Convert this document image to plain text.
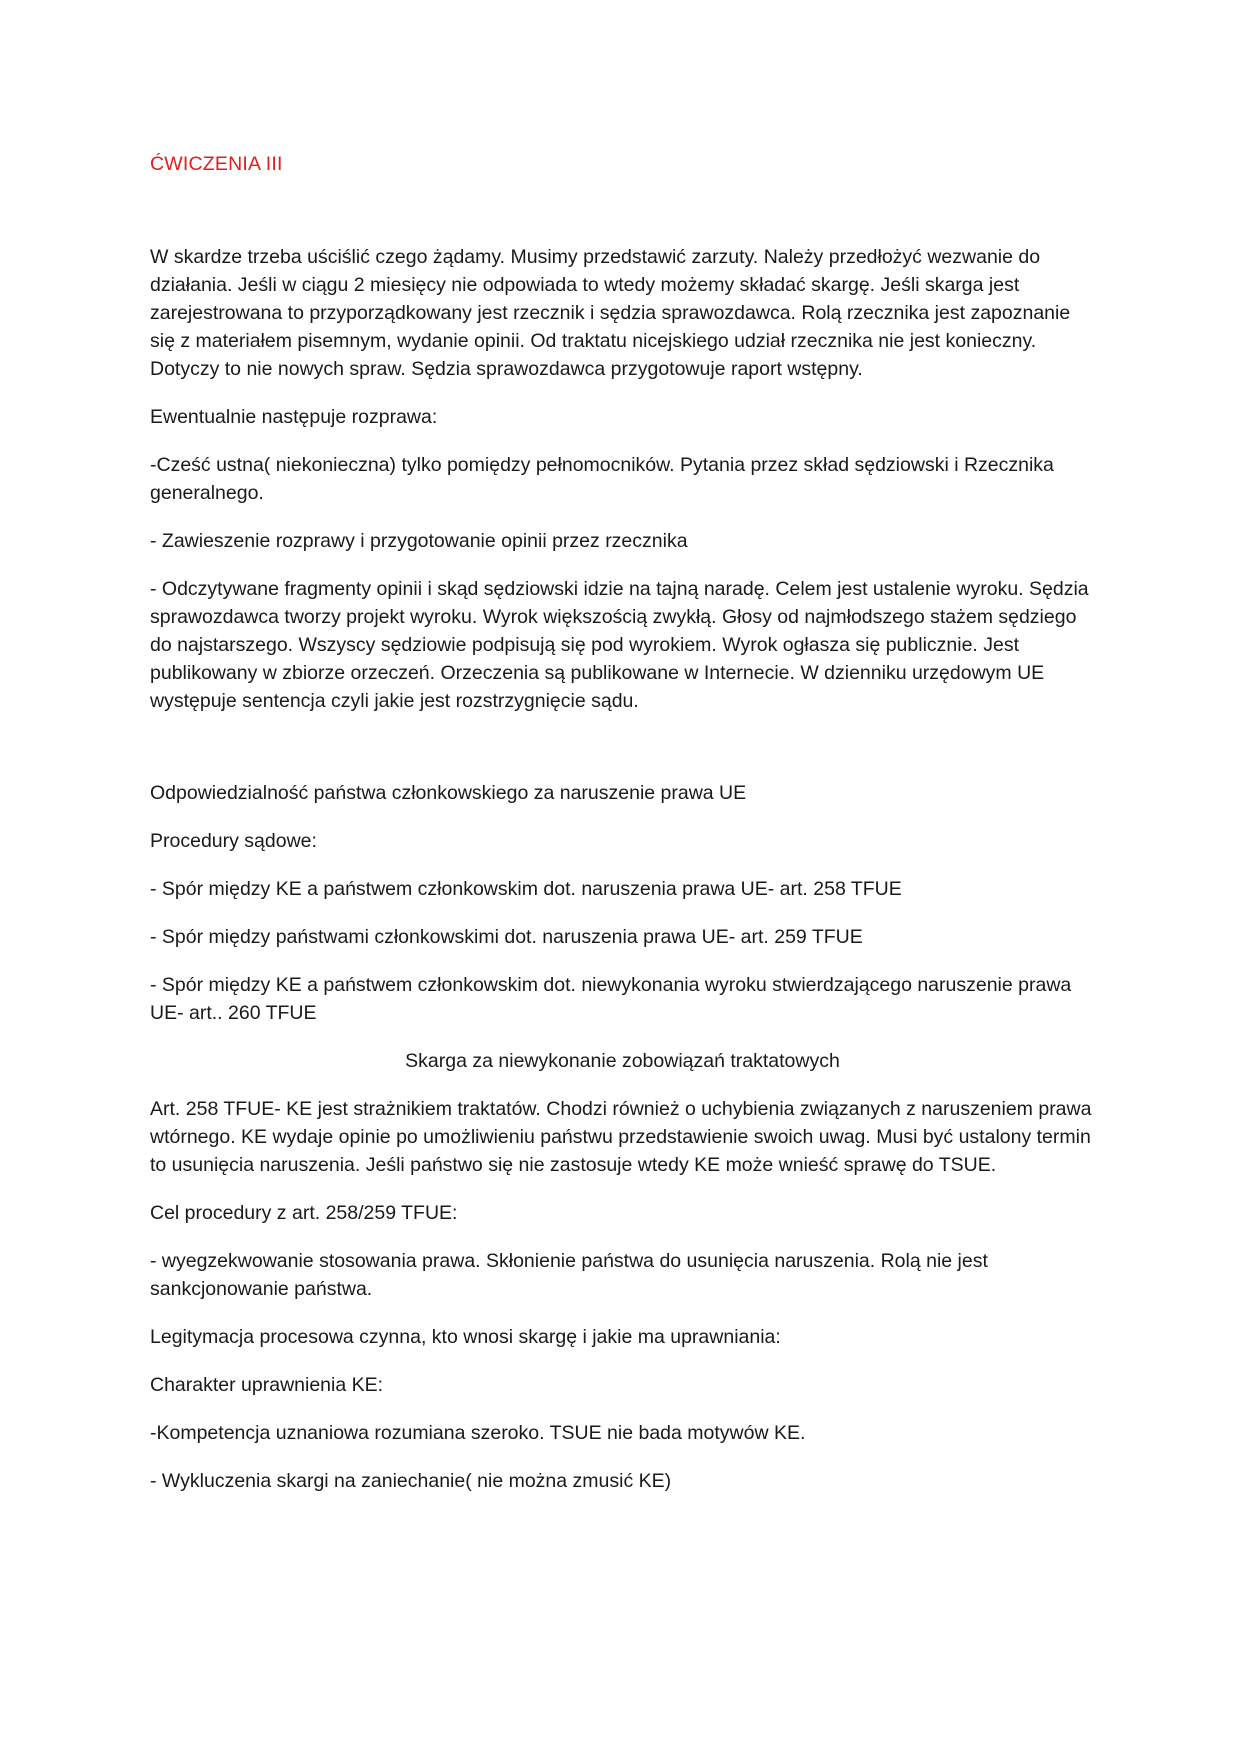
ĆWICZENIA III

W skardze trzeba uściślić czego żądamy. Musimy przedstawić zarzuty. Należy przedłożyć wezwanie do działania. Jeśli w ciągu 2 miesięcy nie odpowiada to wtedy możemy składać skargę. Jeśli skarga jest zarejestrowana to przyporządkowany jest rzecznik i sędzia sprawozdawca. Rolą rzecznika jest zapoznanie się z materiałem pisemnym, wydanie opinii. Od traktatu nicejskiego udział rzecznika nie jest konieczny. Dotyczy to nie nowych spraw. Sędzia sprawozdawca przygotowuje raport wstępny.

Ewentualnie następuje rozprawa:

-Cześć ustna( niekonieczna) tylko pomiędzy pełnomocników. Pytania przez skład sędziowski i Rzecznika generalnego.

- Zawieszenie rozprawy i przygotowanie opinii przez rzecznika

- Odczytywane fragmenty opinii i skąd sędziowski idzie na tajną naradę. Celem jest ustalenie wyroku. Sędzia sprawozdawca tworzy projekt wyroku. Wyrok większością zwykłą. Głosy od najmłodszego stażem sędziego do najstarszego. Wszyscy sędziowie podpisują się pod wyrokiem. Wyrok ogłasza się publicznie. Jest publikowany w zbiorze orzeczeń. Orzeczenia są publikowane w Internecie. W dzienniku urzędowym UE występuje sentencja czyli jakie jest rozstrzygnięcie sądu.

Odpowiedzialność państwa członkowskiego za naruszenie prawa UE

Procedury sądowe:

- Spór między KE a państwem członkowskim dot. naruszenia prawa UE- art. 258 TFUE

- Spór między państwami członkowskimi dot. naruszenia prawa UE- art. 259 TFUE

- Spór między KE a państwem członkowskim dot. niewykonania wyroku stwierdzającego naruszenie prawa UE- art.. 260 TFUE

Skarga za niewykonanie zobowiązań traktatowych

Art. 258 TFUE- KE jest strażnikiem traktatów. Chodzi również o uchybienia związanych z naruszeniem prawa wtórnego. KE wydaje opinie po umożliwieniu państwu przedstawienie swoich uwag. Musi być ustalony termin to usunięcia naruszenia. Jeśli państwo się nie zastosuje wtedy KE może wnieść sprawę do TSUE.

Cel procedury z art. 258/259 TFUE:

- wyegzekwowanie stosowania prawa. Skłonienie państwa do usunięcia naruszenia. Rolą nie jest sankcjonowanie państwa.

Legitymacja procesowa czynna, kto wnosi skargę i jakie ma uprawniania:

Charakter uprawnienia KE:

-Kompetencja uznaniowa rozumiana szeroko. TSUE nie bada motywów KE.

- Wykluczenia skargi na zaniechanie( nie można zmusić KE)
